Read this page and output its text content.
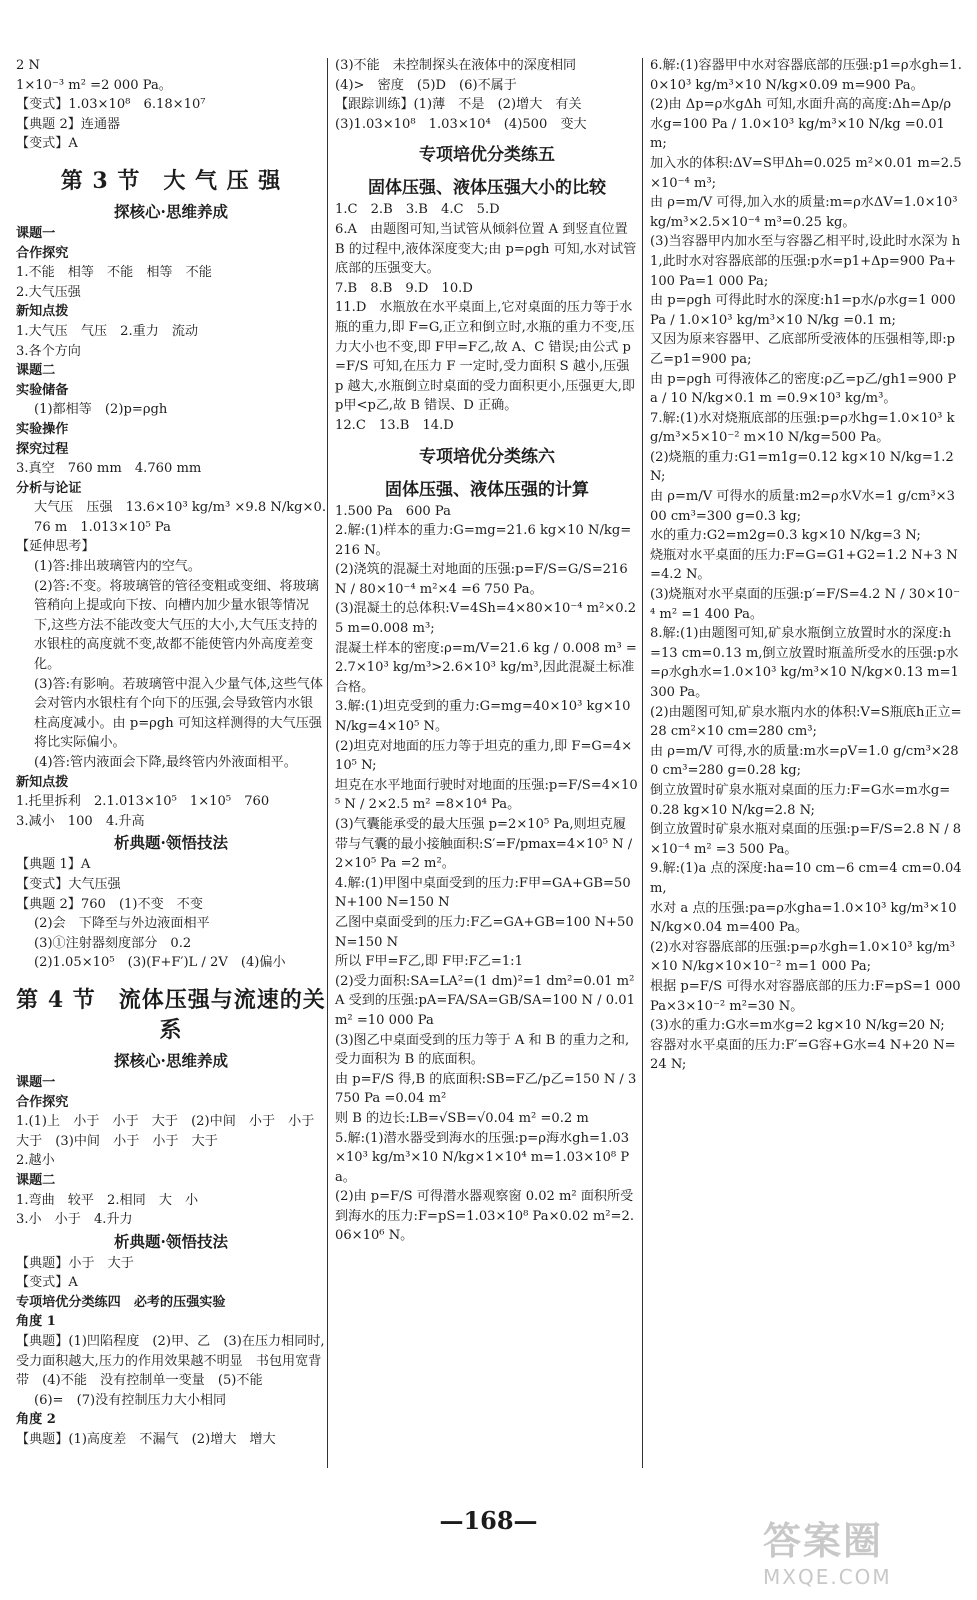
2 N
1×10⁻³ m² =2 000 Pa。
【变式】1.03×10⁸　6.18×10⁷
【典题 2】连通器
【变式】A
第 3 节　大 气 压 强
探核心·思维养成
课题一
合作探究
1.不能　相等　不能　相等　不能
2.大气压强
新知点拨
1.大气压　气压　2.重力　流动
3.各个方向
课题二
实验储备
(1)都相等　(2)p=ρgh
实验操作
探究过程
3.真空　760 mm　4.760 mm
分析与论证
大气压　压强　13.6×10³ kg/m³ ×9.8 N/kg×0.76 m　1.013×10⁵ Pa
【延伸思考】
(1)答:排出玻璃管内的空气。
(2)答:不变。将玻璃管的管径变粗或变细、将玻璃管稍向上提或向下按、向槽内加少量水银等情况下,这些方法不能改变大气压的大小,大气压支持的水银柱的高度就不变,故都不能使管内外高度差变化。
(3)答:有影响。若玻璃管中混入少量气体,这些气体会对管内水银柱有个向下的压强,会导致管内水银柱高度减小。由 p=ρgh 可知这样测得的大气压强将比实际偏小。
(4)答:管内液面会下降,最终管内外液面相平。
新知点拨
1.托里拆利　2.1.013×10⁵　1×10⁵　760
3.减小　100　4.升高
析典题·领悟技法
【典题 1】A
【变式】大气压强
【典题 2】760　(1)不变　不变
(2)会　下降至与外边液面相平
(3)①注射器刻度部分　0.2
(2)1.05×10⁵　(3)(F+F′)L / 2V　(4)偏小
第 4 节　流体压强与流速的关系
探核心·思维养成
课题一
合作探究
1.(1)上　小于　小于　大于　(2)中间　小于　小于　大于　(3)中间　小于　小于　大于
2.越小
课题二
1.弯曲　较平　2.相同　大　小
3.小　小于　4.升力
析典题·领悟技法
【典题】小于　大于
【变式】A
专项培优分类练四　必考的压强实验
角度 1
【典题】(1)凹陷程度　(2)甲、乙　(3)在压力相同时,受力面积越大,压力的作用效果越不明显　书包用宽背带　(4)不能　没有控制单一变量　(5)不能
(6)=　(7)没有控制压力大小相同
角度 2
【典题】(1)高度差　不漏气　(2)增大　增大
(3)不能　未控制探头在液体中的深度相同
(4)>　密度　(5)D　(6)不属于
【跟踪训练】(1)薄　不是　(2)增大　有关
(3)1.03×10⁸　1.03×10⁴　(4)500　变大
专项培优分类练五
固体压强、液体压强大小的比较
1.C　2.B　3.B　4.C　5.D
6.A　由题图可知,当试管从倾斜位置 A 到竖直位置 B 的过程中,液体深度变大;由 p=ρgh 可知,水对试管底部的压强变大。
7.B　8.B　9.D　10.D
11.D　水瓶放在水平桌面上,它对桌面的压力等于水瓶的重力,即 F=G,正立和倒立时,水瓶的重力不变,压力大小也不变,即 F甲=F乙,故 A、C 错误;由公式 p=F/S 可知,在压力 F 一定时,受力面积 S 越小,压强 p 越大,水瓶倒立时桌面的受力面积更小,压强更大,即 p甲<p乙,故 B 错误、D 正确。
12.C　13.B　14.D
专项培优分类练六
固体压强、液体压强的计算
1.500 Pa　600 Pa
2.解:(1)样本的重力:G=mg=21.6 kg×10 N/kg=216 N。
(2)浇筑的混凝土对地面的压强:p=F/S=G/S=216 N / 80×10⁻⁴ m²×4 =6 750 Pa。
(3)混凝土的总体积:V=4Sh=4×80×10⁻⁴ m²×0.25 m=0.008 m³;
混凝土样本的密度:ρ=m/V=21.6 kg / 0.008 m³ =2.7×10³ kg/m³>2.6×10³ kg/m³,因此混凝土标准合格。
3.解:(1)坦克受到的重力:G=mg=40×10³ kg×10 N/kg=4×10⁵ N。
(2)坦克对地面的压力等于坦克的重力,即 F=G=4×10⁵ N;
坦克在水平地面行驶时对地面的压强:p=F/S=4×10⁵ N / 2×2.5 m² =8×10⁴ Pa。
(3)气囊能承受的最大压强 p=2×10⁵ Pa,则坦克履带与气囊的最小接触面积:S′=F/pmax=4×10⁵ N / 2×10⁵ Pa =2 m²。
4.解:(1)甲图中桌面受到的压力:F甲=GA+GB=50 N+100 N=150 N
乙图中桌面受到的压力:F乙=GA+GB=100 N+50 N=150 N
所以 F甲=F乙,即 F甲:F乙=1:1
(2)受力面积:SA=LA²=(1 dm)²=1 dm²=0.01 m²
A 受到的压强:pA=FA/SA=GB/SA=100 N / 0.01 m² =10 000 Pa
(3)图乙中桌面受到的压力等于 A 和 B 的重力之和,受力面积为 B 的底面积。
由 p=F/S 得,B 的底面积:SB=F乙/p乙=150 N / 3 750 Pa =0.04 m²
则 B 的边长:LB=√SB=√0.04 m² =0.2 m
5.解:(1)潜水器受到海水的压强:p=ρ海水gh=1.03×10³ kg/m³×10 N/kg×1×10⁴ m=1.03×10⁸ Pa。
(2)由 p=F/S 可得潜水器观察窗 0.02 m² 面积所受到海水的压力:F=pS=1.03×10⁸ Pa×0.02 m²=2.06×10⁶ N。
6.解:(1)容器甲中水对容器底部的压强:p1=ρ水gh=1.0×10³ kg/m³×10 N/kg×0.09 m=900 Pa。
(2)由 Δp=ρ水gΔh 可知,水面升高的高度:Δh=Δp/ρ水g=100 Pa / 1.0×10³ kg/m³×10 N/kg =0.01 m;
加入水的体积:ΔV=S甲Δh=0.025 m²×0.01 m=2.5×10⁻⁴ m³;
由 ρ=m/V 可得,加入水的质量:m=ρ水ΔV=1.0×10³ kg/m³×2.5×10⁻⁴ m³=0.25 kg。
(3)当容器甲内加水至与容器乙相平时,设此时水深为 h1,此时水对容器底部的压强:p水=p1+Δp=900 Pa+100 Pa=1 000 Pa;
由 p=ρgh 可得此时水的深度:h1=p水/ρ水g=1 000 Pa / 1.0×10³ kg/m³×10 N/kg =0.1 m;
又因为原来容器甲、乙底部所受液体的压强相等,即:p乙=p1=900 pa;
由 p=ρgh 可得液体乙的密度:ρ乙=p乙/gh1=900 Pa / 10 N/kg×0.1 m =0.9×10³ kg/m³。
7.解:(1)水对烧瓶底部的压强:p=ρ水hg=1.0×10³ kg/m³×5×10⁻² m×10 N/kg=500 Pa。
(2)烧瓶的重力:G1=m1g=0.12 kg×10 N/kg=1.2 N;
由 ρ=m/V 可得水的质量:m2=ρ水V水=1 g/cm³×300 cm³=300 g=0.3 kg;
水的重力:G2=m2g=0.3 kg×10 N/kg=3 N;
烧瓶对水平桌面的压力:F=G=G1+G2=1.2 N+3 N=4.2 N。
(3)烧瓶对水平桌面的压强:p′=F/S=4.2 N / 30×10⁻⁴ m² =1 400 Pa。
8.解:(1)由题图可知,矿泉水瓶倒立放置时水的深度:h=13 cm=0.13 m,倒立放置时瓶盖所受水的压强:p水=ρ水gh水=1.0×10³ kg/m³×10 N/kg×0.13 m=1 300 Pa。
(2)由题图可知,矿泉水瓶内水的体积:V=S瓶底h正立=28 cm²×10 cm=280 cm³;
由 ρ=m/V 可得,水的质量:m水=ρV=1.0 g/cm³×280 cm³=280 g=0.28 kg;
倒立放置时矿泉水瓶对桌面的压力:F=G水=m水g=0.28 kg×10 N/kg=2.8 N;
倒立放置时矿泉水瓶对桌面的压强:p=F/S=2.8 N / 8×10⁻⁴ m² =3 500 Pa。
9.解:(1)a 点的深度:ha=10 cm−6 cm=4 cm=0.04 m,
水对 a 点的压强:pa=ρ水gha=1.0×10³ kg/m³×10 N/kg×0.04 m=400 Pa。
(2)水对容器底部的压强:p=ρ水gh=1.0×10³ kg/m³×10 N/kg×10×10⁻² m=1 000 Pa;
根据 p=F/S 可得水对容器底部的压力:F=pS=1 000 Pa×3×10⁻² m²=30 N。
(3)水的重力:G水=m水g=2 kg×10 N/kg=20 N;
容器对水平桌面的压力:F′=G容+G水=4 N+20 N=24 N;
—168—	答案圈
MXQE.COM
